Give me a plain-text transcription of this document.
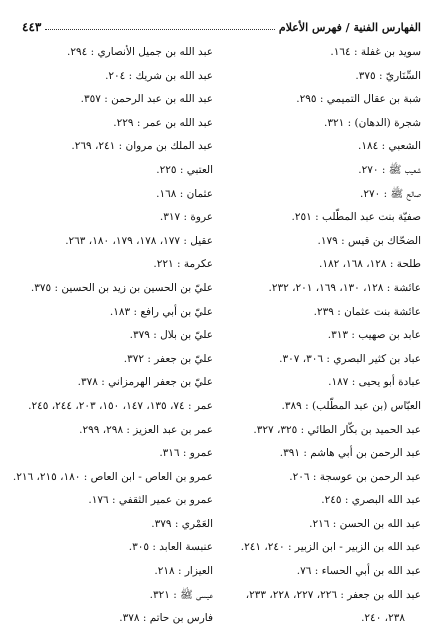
الفهارس الفنية / فهرس الأعلام
٤٤٣
سويد بن غفلة : ١٦٤.
السِّنَاريّ : ٣٧٥.
شبة بن عقال التميمي : ٢٩٥.
شجرة (الدهان) : ٣٢١.
الشعبي : ١٨٤.
شعيب ﷺ : ٢٧٠.
صالح ﷺ : ٢٧٠.
صفيّة بنت عبد المطّلب : ٢٥١.
الضحّاك بن قيس : ١٧٩.
طلحة : ١٢٨، ١٦٨، ١٨٢.
عائشة : ١٢٨، ١٣٠، ١٦٩، ٢٠١، ٢٣٢.
عائشة بنت عثمان : ٢٣٩.
عابد بن صهيب : ٣١٣.
عباد بن كثير البصري : ٣٠٦، ٣٠٧.
عبادة أبو يحيى : ١٨٧.
العبّاس (بن عبد المطّلب) : ٣٨٩.
عبد الحميد بن بكّار الطائي : ٣٢٥، ٣٢٧.
عبد الرحمن بن أبي هاشم : ٣٩١.
عبد الرحمن بن عوسجة : ٢٠٦.
عبد الله البصري : ٢٤٥.
عبد الله بن الحسن : ٢١٦.
عبد الله بن الزبير - ابن الزبير : ٢٤٠، ٢٤١.
عبد الله بن أبي الحساء : ٧٦.
عبد الله بن جعفر : ٢٢٦، ٢٢٧، ٢٢٨، ٢٣٣،
٢٣٨، ٢٤٠.
عبد الله بن جميل الأنصاري : ٢٩٤.
عبد الله بن شريك : ٢٠٤.
عبد الله بن عبد الرحمن : ٣٥٧.
عبد الله بن عمر : ٢٢٩.
عبد الملك بن مروان : ٢٤١، ٢٦٩.
العتبي : ٢٢٥.
عثمان : ١٦٨.
عروة : ٣١٧.
عقيل : ١٧٧، ١٧٨، ١٧٩، ١٨٠، ٢٦٣.
عكرمة : ٢٢١.
عليّ بن الحسين بن زيد بن الحسين : ٣٧٥.
عليّ بن أبي رافع : ١٨٣.
عليّ بن بلال : ٣٧٩.
عليّ بن جعفر : ٣٧٢.
عليّ بن جعفر الهرمزاني : ٣٧٨.
عمر : ٧٤، ١٣٥، ١٤٧، ١٥٠، ٢٠٣، ٢٤٤، ٢٤٥.
عمر بن عبد العزيز : ٢٩٨، ٢٩٩.
عمرو : ٣١٦.
عمرو بن العاص - ابن العاص : ١٨٠، ٢١٥، ٢١٦.
عمرو بن عمير الثقفي : ١٧٦.
العَمْري : ٣٧٩.
عنبسة العابد : ٣٠٥.
العيزار : ٢١٨.
عيسى ﷺ : ٣٢١.
فارس بن حاتم : ٣٧٨.
